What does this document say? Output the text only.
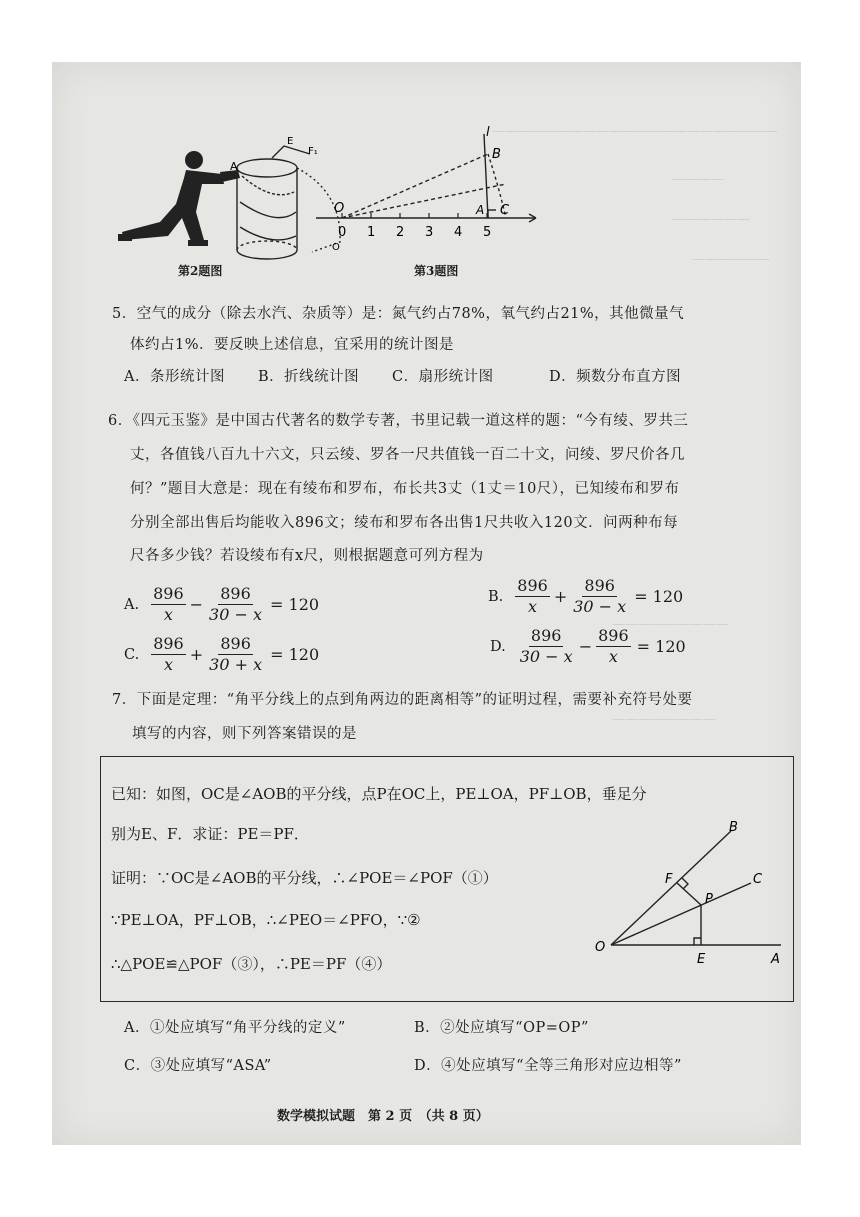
——————————————————————
————
——————
——————
—————————
————————
A
E
F₁
O
第2题图
0 1 2 3 4 5
O	A
B
C
l
第3题图
5．空气的成分（除去水汽、杂质等）是：氮气约占78%，氧气约占21%，其他微量气
体约占1%．要反映上述信息，宜采用的统计图是
A．条形统计图 B．折线统计图 C．扇形统计图	D．频数分布直方图
6．《四元玉鉴》是中国古代著名的数学专著，书里记载一道这样的题：“今有绫、罗共三
丈，各值钱八百九十六文，只云绫、罗各一尺共值钱一百二十文，问绫、罗尺价各几
何？”题目大意是：现在有绫布和罗布，布长共3丈（1丈＝10尺），已知绫布和罗布
分别全部出售后均能收入896文；绫布和罗布各出售1尺共收入120文．问两种布每
尺各多少钱？若设绫布有x尺，则根据题意可列方程为
A. $\frac{896}{x} - \frac{896}{30 - x} = 120$	B. $\frac{896}{x} + \frac{896}{30 - x} = 120$
C. $\frac{896}{x} + \frac{896}{30 + x} = 120$	D. $\frac{896}{30 - x} - \frac{896}{x} = 120$
7．下面是定理：“角平分线上的点到角两边的距离相等”的证明过程，需要补充符号处要
填写的内容，则下列答案错误的是
已知：如图，OC是∠AOB的平分线，点P在OC上，PE⊥OA，PF⊥OB，垂足分
别为E、F．求证：PE＝PF．
证明：∵OC是∠AOB的平分线，∴∠POE＝∠POF（①）
∵PE⊥OA，PF⊥OB，∴∠PEO＝∠PFO，∵②
∴△POE≌△POF（③），∴PE＝PF（④）
O
A
B
C
P
E
F
A．①处应填写“角平分线的定义”	B．②处应填写“OP=OP”
C．③处应填写“ASA”	D．④处应填写“全等三角形对应边相等”
数学模拟试题　第 2 页　（共 8 页）
